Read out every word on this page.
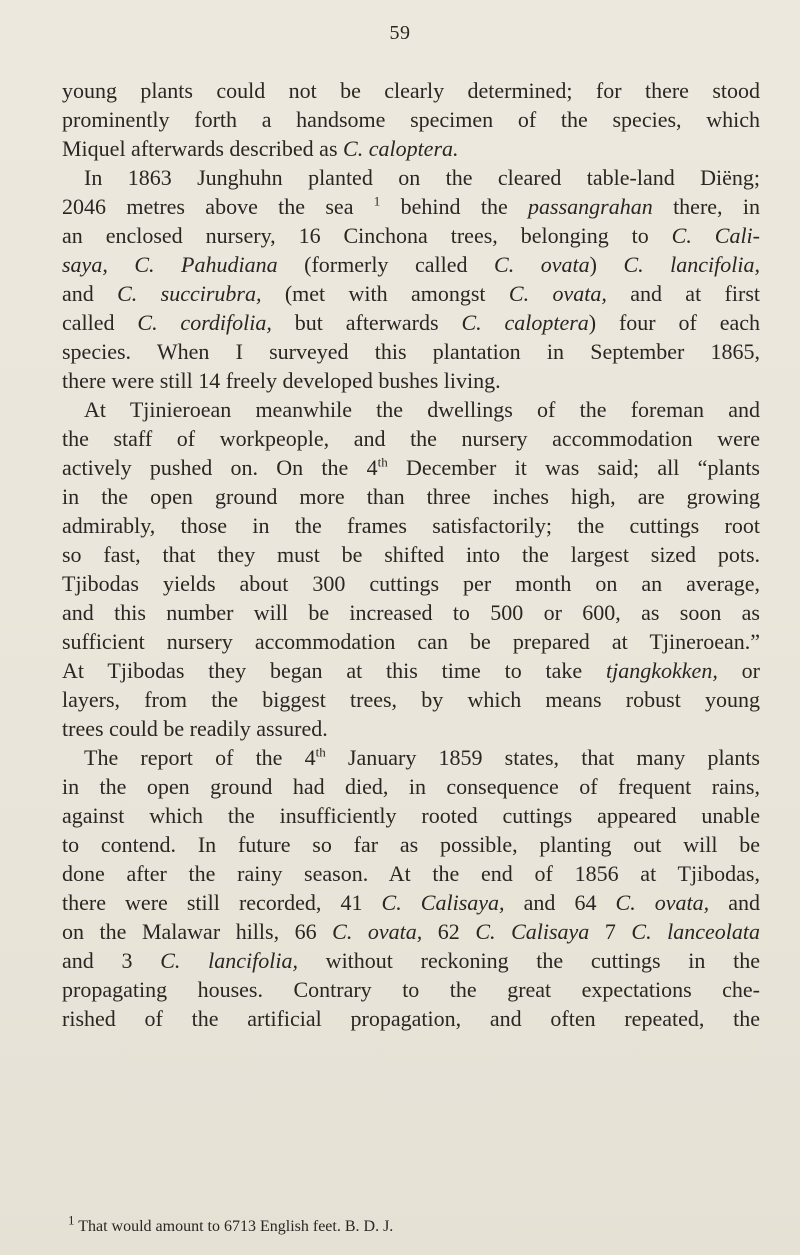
59
young plants could not be clearly determined; for there stood
prominently forth a handsome specimen of the species, which
Miquel afterwards described as C. caloptera.
In 1863 Junghuhn planted on the cleared table-land Diëng;
2046 metres above the sea $^1$ behind the passangrahan there, in
an enclosed nursery, 16 Cinchona trees, belonging to C. Cali-
saya, C. Pahudiana (formerly called C. ovata) C. lancifolia,
and C. succirubra, (met with amongst C. ovata, and at first
called C. cordifolia, but afterwards C. caloptera) four of each
species. When I surveyed this plantation in September 1865,
there were still 14 freely developed bushes living.
At Tjinieroean meanwhile the dwellings of the foreman and
the staff of workpeople, and the nursery accommodation were
actively pushed on. On the 4th December it was said; all “plants
in the open ground more than three inches high, are growing
admirably, those in the frames satisfactorily; the cuttings root
so fast, that they must be shifted into the largest sized pots.
Tjibodas yields about 300 cuttings per month on an average,
and this number will be increased to 500 or 600, as soon as
sufficient nursery accommodation can be prepared at Tjineroean.”
At Tjibodas they began at this time to take tjangkokken, or
layers, from the biggest trees, by which means robust young
trees could be readily assured.
The report of the 4th January 1859 states, that many plants
in the open ground had died, in consequence of frequent rains,
against which the insufficiently rooted cuttings appeared unable
to contend. In future so far as possible, planting out will be
done after the rainy season. At the end of 1856 at Tjibodas,
there were still recorded, 41 C. Calisaya, and 64 C. ovata, and
on the Malawar hills, 66 C. ovata, 62 C. Calisaya 7 C. lanceolata
and 3 C. lancifolia, without reckoning the cuttings in the
propagating houses. Contrary to the great expectations che-
rished of the artificial propagation, and often repeated, the
$^1$ That would amount to 6713 English feet. B. D. J.
